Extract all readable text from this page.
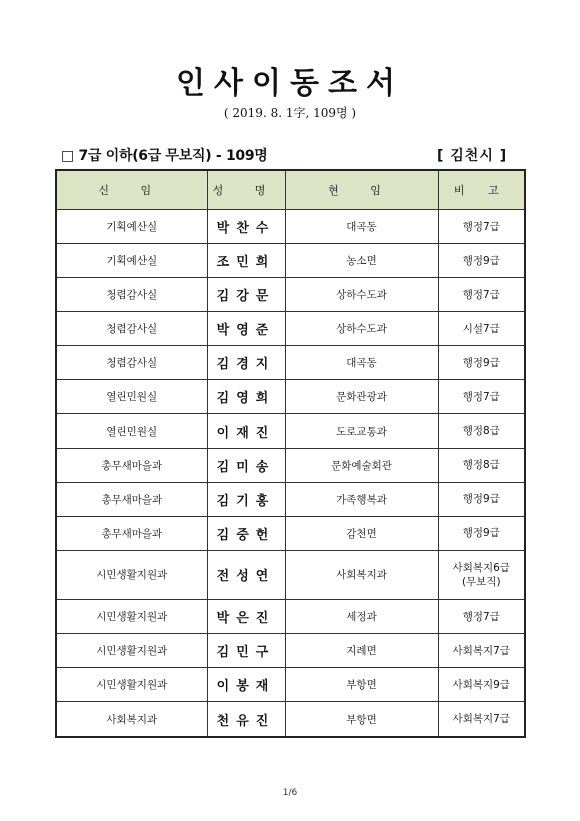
인사이동조서
( 2019. 8. 1字, 109명 )
□ 7급 이하(6급 무보직) - 109명	[ 김천시 ]
신 임	성 명	현 임	비 고
기획예산실	박찬수	대곡동	행정7급

기획예산실	조민희	농소면	행정9급

청렴감사실	김강문	상하수도과	행정7급

청렴감사실	박영준	상하수도과	시설7급

청렴감사실	김경지	대곡동	행정9급

열린민원실	김영희	문화관광과	행정7급

열린민원실	이재진	도로교통과	행정8급

총무새마을과	김미송	문화예술회관	행정8급

총무새마을과	김기홍	가족행복과	행정9급

총무새마을과	김중헌	감천면	행정9급

시민생활지원과	전성연	사회복지과	사회복지6급
(무보직)

시민생활지원과	박은진	세정과	행정7급

시민생활지원과	김민구	지례면	사회복지7급

시민생활지원과	이봉재	부항면	사회복지9급

사회복지과	천유진	부항면	사회복지7급
1/6
